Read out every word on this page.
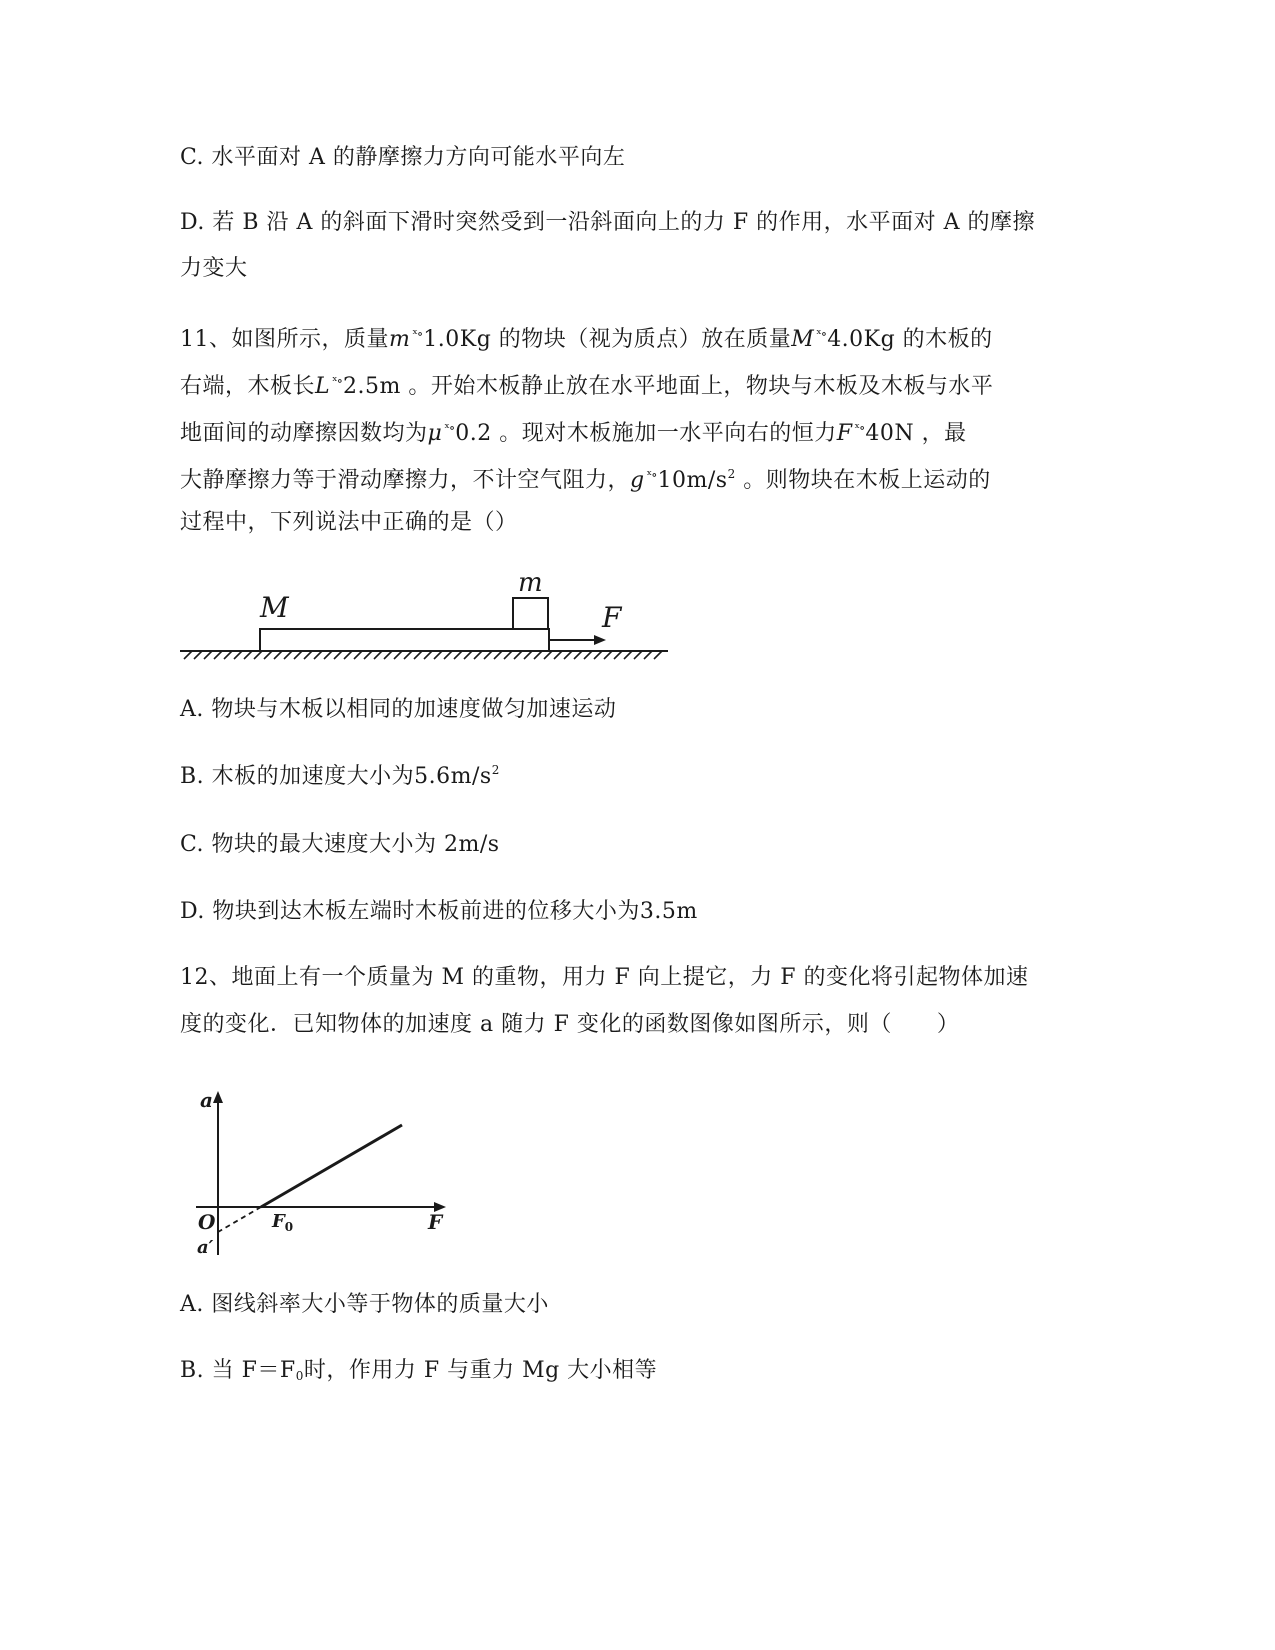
C. 水平面对 A 的静摩擦力方向可能水平向左
D. 若 B 沿 A 的斜面下滑时突然受到一沿斜面向上的力 F 的作用，水平面对 A 的摩擦
力变大
11、如图所示，质量m $^{ˣ\circ}$1.0Kg 的物块（视为质点）放在质量M $^{ˣ\circ}$4.0Kg 的木板的
右端，木板长L $^{ˣ\circ}$2.5m 。开始木板静止放在水平地面上，物块与木板及木板与水平
地面间的动摩擦因数均为μ $^{ˣ\circ}$0.2 。现对木板施加一水平向右的恒力F $^{ˣ\circ}$40N ，最
大静摩擦力等于滑动摩擦力，不计空气阻力，g $^{ˣ\circ}10m/s^2$ 。则物块在木板上运动的
过程中，下列说法中正确的是（）
M
m
F
A. 物块与木板以相同的加速度做匀加速运动
B. 木板的加速度大小为$5.6m/s^2$
C. 物块的最大速度大小为 2m/s
D. 物块到达木板左端时木板前进的位移大小为3.5m
12、地面上有一个质量为 M 的重物，用力 F 向上提它，力 F 的变化将引起物体加速
度的变化．已知物体的加速度 a 随力 F 变化的函数图像如图所示，则（　　）
a
F
O	$F_0$
a′
A. 图线斜率大小等于物体的质量大小
B. 当 $F=F_0$时，作用力 F 与重力 Mg 大小相等
